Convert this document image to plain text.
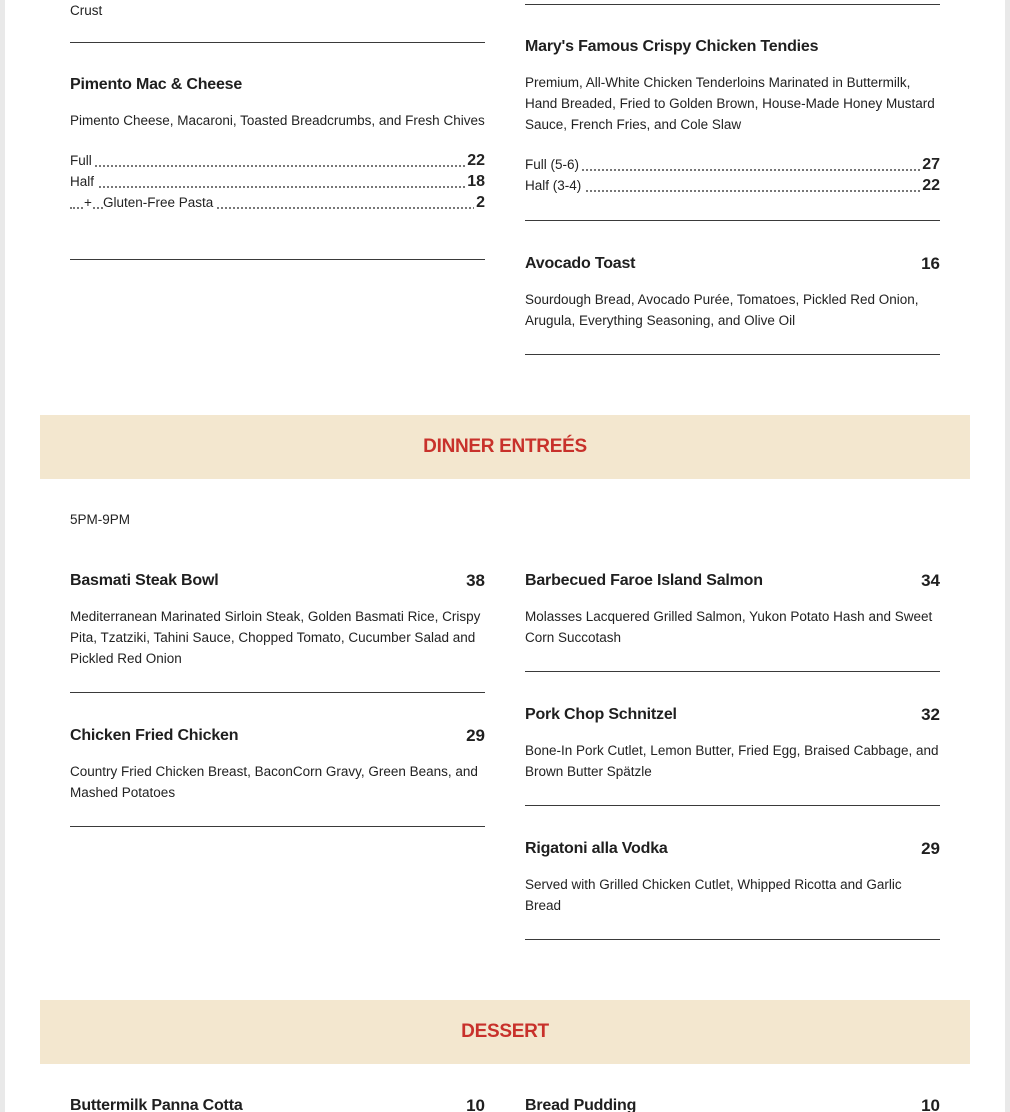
Crust
Pimento Mac & Cheese
Pimento Cheese, Macaroni, Toasted Breadcrumbs, and Fresh Chives
Full	22
Half	18
+ Gluten-Free Pasta	2
Mary's Famous Crispy Chicken Tendies
Premium, All-White Chicken Tenderloins Marinated in Buttermilk, Hand Breaded, Fried to Golden Brown, House-Made Honey Mustard Sauce, French Fries, and Cole Slaw
Full (5-6)	27
Half (3-4)	22
Avocado Toast	16
Sourdough Bread, Avocado Purée, Tomatoes, Pickled Red Onion, Arugula, Everything Seasoning, and Olive Oil
DINNER ENTREÉS
5PM-9PM
Basmati Steak Bowl	38
Mediterranean Marinated Sirloin Steak, Golden Basmati Rice, Crispy Pita, Tzatziki, Tahini Sauce, Chopped Tomato, Cucumber Salad and Pickled Red Onion
Chicken Fried Chicken	29
Country Fried Chicken Breast, BaconCorn Gravy, Green Beans, and Mashed Potatoes
Barbecued Faroe Island Salmon	34
Molasses Lacquered Grilled Salmon, Yukon Potato Hash and Sweet Corn Succotash
Pork Chop Schnitzel	32
Bone-In Pork Cutlet, Lemon Butter, Fried Egg, Braised Cabbage, and Brown Butter Spätzle
Rigatoni alla Vodka	29
Served with Grilled Chicken Cutlet, Whipped Ricotta and Garlic Bread
DESSERT
Buttermilk Panna Cotta	10	Bread Pudding	10
